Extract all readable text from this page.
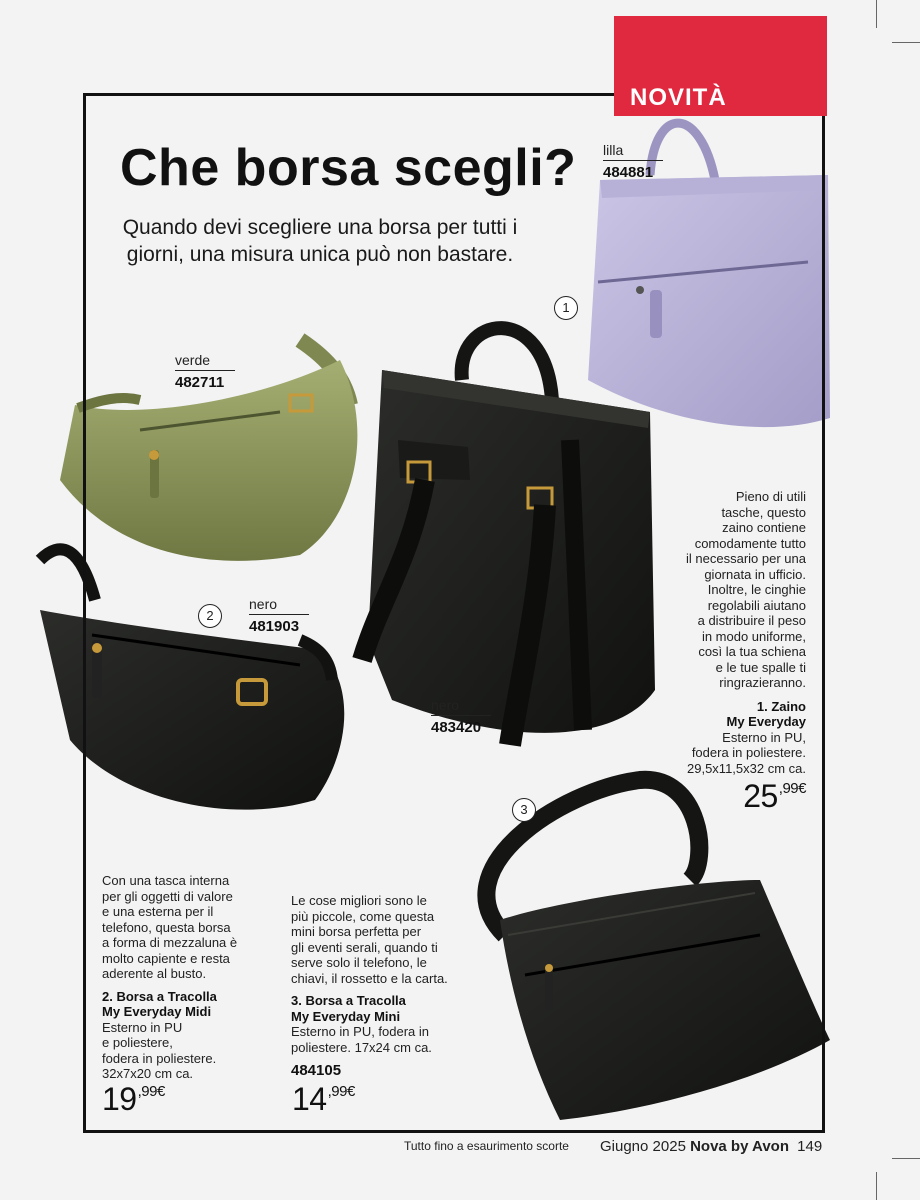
NOVITÀ
Che borsa scegli?
Quando devi scegliere una borsa per tutti i giorni, una misura unica può non bastare.
lilla
484881
verde
482711
nero
481903
nero
483420
1
2
3
Pieno di utili
tasche, questo
zaino contiene
comodamente tutto
il necessario per una
giornata in ufficio.
Inoltre, le cinghie
regolabili aiutano
a distribuire il peso
in modo uniforme,
così la tua schiena
e le tue spalle ti
ringrazieranno.
1. Zaino
My Everyday
Esterno in PU,
fodera in poliestere.
29,5x11,5x32 cm ca.
$25^{,99€}$
Con una tasca interna
per gli oggetti di valore
e una esterna per il
telefono, questa borsa
a forma di mezzaluna è
molto capiente e resta
aderente al busto.
2. Borsa a Tracolla
My Everyday Midi
Esterno in PU
e poliestere,
fodera in poliestere.
32x7x20 cm ca.
$19^{,99€}$
Le cose migliori sono le
più piccole, come questa
mini borsa perfetta per
gli eventi serali, quando ti
serve solo il telefono, le
chiavi, il rossetto e la carta.
3. Borsa a Tracolla
My Everyday Mini
Esterno in PU, fodera in
poliestere. 17x24 cm ca.
484105
$14^{,99€}$
Tutto fino a esaurimento scorte Giugno 2025 Nova by Avon 149
